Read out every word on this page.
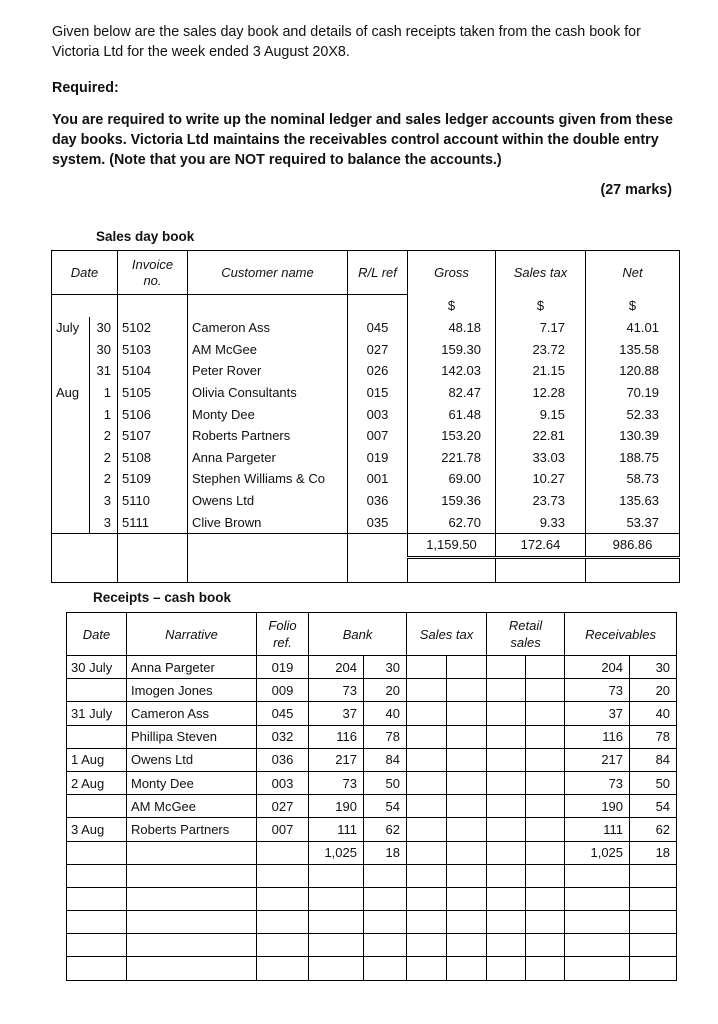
Given below are the sales day book and details of cash receipts taken from the cash book for Victoria Ltd for the week ended 3 August 20X8.

Required:

You are required to write up the nominal ledger and sales ledger accounts given from these day books. Victoria Ltd maintains the receivables control account within the double entry system. (Note that you are NOT required to balance the accounts.)

(27 marks)

Sales day book

Date		Invoice
no.	Customer name	R/L ref	Gross	Sales tax	Net
					$	$	$
July	30	5102	Cameron Ass	045	48.18	7.17	41.01
	30	5103	AM McGee	027	159.30	23.72	135.58
	31	5104	Peter Rover	026	142.03	21.15	120.88
Aug	1	5105	Olivia Consultants	015	82.47	12.28	70.19
	1	5106	Monty Dee	003	61.48	9.15	52.33
	2	5107	Roberts Partners	007	153.20	22.81	130.39
	2	5108	Anna Pargeter	019	221.78	33.03	188.75
	2	5109	Stephen Williams & Co	001	69.00	10.27	58.73
	3	5110	Owens Ltd	036	159.36	23.73	135.63
	3	5111	Clive Brown	035	62.70	9.33	53.37
					1,159.50	172.64	986.86

Receipts – cash book

Date	Narrative	Folio
ref.	Bank		Sales tax		Retail
sales		Receivables	
30 July	Anna Pargeter	019	204	30					204	30
	Imogen Jones	009	73	20					73	20
31 July	Cameron Ass	045	37	40					37	40
	Phillipa Steven	032	116	78					116	78
1 Aug	Owens Ltd	036	217	84					217	84
2 Aug	Monty Dee	003	73	50					73	50
	AM McGee	027	190	54					190	54
3 Aug	Roberts Partners	007	111	62					111	62
			1,025	18					1,025	18
